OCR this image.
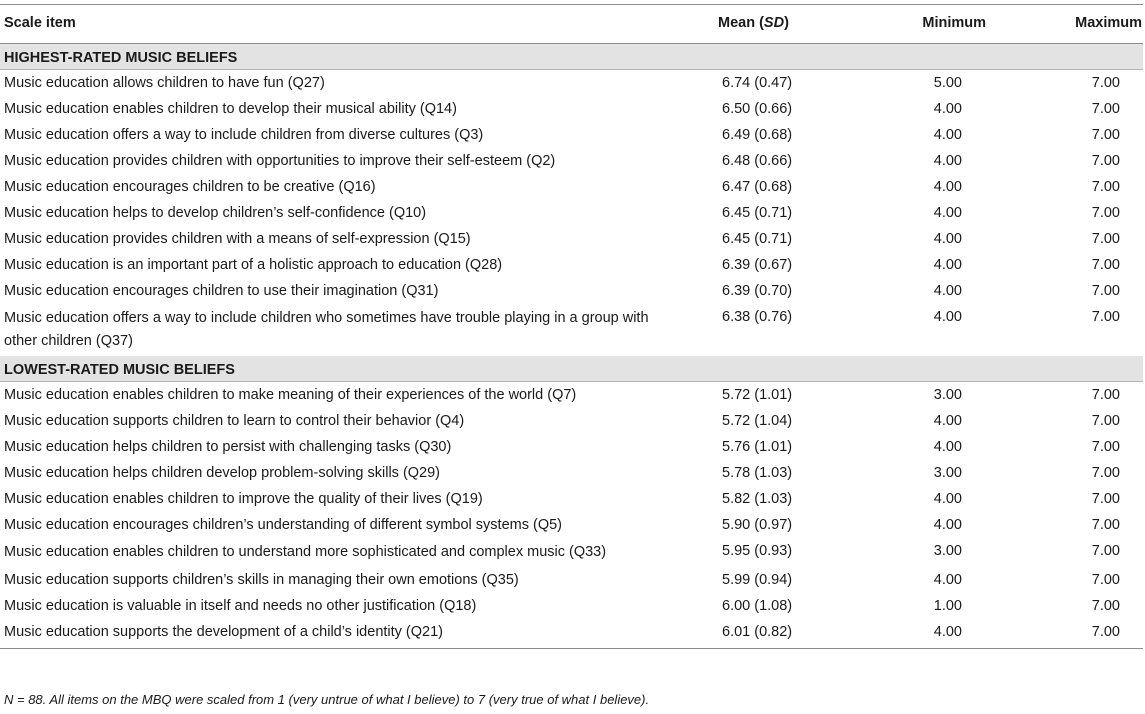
Scale item	Mean (SD)	Minimum	Maximum
HIGHEST-RATED MUSIC BELIEFS			
Music education allows children to have fun (Q27)	6.74 (0.47)	5.00	7.00
Music education enables children to develop their musical ability (Q14)	6.50 (0.66)	4.00	7.00
Music education offers a way to include children from diverse cultures (Q3)	6.49 (0.68)	4.00	7.00
Music education provides children with opportunities to improve their self-esteem (Q2)	6.48 (0.66)	4.00	7.00
Music education encourages children to be creative (Q16)	6.47 (0.68)	4.00	7.00
Music education helps to develop children’s self-confidence (Q10)	6.45 (0.71)	4.00	7.00
Music education provides children with a means of self-expression (Q15)	6.45 (0.71)	4.00	7.00
Music education is an important part of a holistic approach to education (Q28)	6.39 (0.67)	4.00	7.00
Music education encourages children to use their imagination (Q31)	6.39 (0.70)	4.00	7.00
Music education offers a way to include children who sometimes have trouble playing in a group with other children (Q37)	6.38 (0.76)	4.00	7.00
LOWEST-RATED MUSIC BELIEFS			
Music education enables children to make meaning of their experiences of the world (Q7)	5.72 (1.01)	3.00	7.00
Music education supports children to learn to control their behavior (Q4)	5.72 (1.04)	4.00	7.00
Music education helps children to persist with challenging tasks (Q30)	5.76 (1.01)	4.00	7.00
Music education helps children develop problem-solving skills (Q29)	5.78 (1.03)	3.00	7.00
Music education enables children to improve the quality of their lives (Q19)	5.82 (1.03)	4.00	7.00
Music education encourages children’s understanding of different symbol systems (Q5)	5.90 (0.97)	4.00	7.00
Music education enables children to understand more sophisticated and complex music (Q33)	5.95 (0.93)	3.00	7.00
Music education supports children’s skills in managing their own emotions (Q35)	5.99 (0.94)	4.00	7.00
Music education is valuable in itself and needs no other justification (Q18)	6.00 (1.08)	1.00	7.00
Music education supports the development of a child’s identity (Q21)	6.01 (0.82)	4.00	7.00
N = 88. All items on the MBQ were scaled from 1 (very untrue of what I believe) to 7 (very true of what I believe).
